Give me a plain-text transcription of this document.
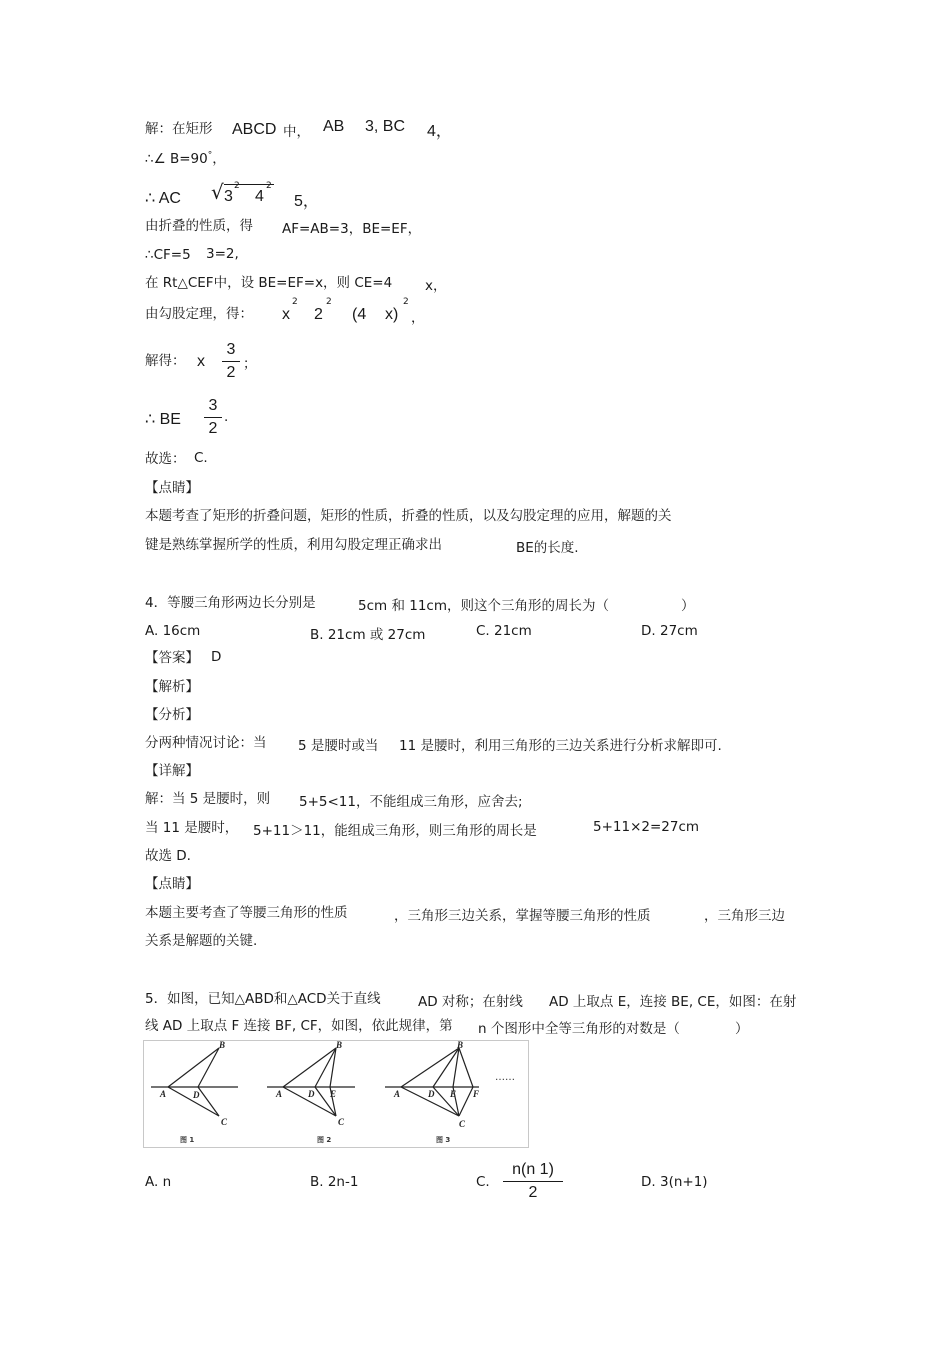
解：在矩形 ABCD 中， AB 3, BC 4，
∴∠ B=90°，
∴ AC √ 3
2
4
2
5，
由折叠的性质，得 AF=AB=3，BE=EF，
∴CF=5 3=2,
在 Rt△CEF中，设 BE=EF=x，则 CE=4 x，
由勾股定理，得： x
2
2
2
(4 x)
2
，
解得： x
3
2 ；
∴ BE
3
2
.
故选： C.
【点睛】
本题考查了矩形的折叠问题，矩形的性质，折叠的性质，以及勾股定理的应用，解题的关
键是熟练掌握所学的性质，利用勾股定理正确求出	BE的长度.
4．等腰三角形两边长分别是	5cm 和 11cm，则这个三角形的周长为（	）
A. 16cm	B. 21cm 或 27cm	C. 21cm	D. 27cm
【答案】 D
【解析】
【分析】
分两种情况讨论：当 5 是腰时或当 11 是腰时，利用三角形的三边关系进行分析求解即可.
【详解】
解：当 5 是腰时，则 5+5<11，不能组成三角形，应舍去;
当 11 是腰时， 5+11＞11，能组成三角形，则三角形的周长是	5+11×2=27cm
故选 D.
【点睛】
本题主要考查了等腰三角形的性质	，三角形三边关系，掌握等腰三角形的性质	，三角形三边
关系是解题的关键.
5．如图，已知△ABD和△ACD关于直线	AD 对称；在射线 AD 上取点 E，连接 BE, CE，如图：在射
线 AD 上取点 F 连接 BF, CF，如图，依此规律，第 n 个图形中全等三角形的对数是（	）
A
B
D
C
A
B
D E
C
A
B
D E F
C
图 1	图 2	图 3
……
A. n	B. 2n-1	C.
n(n 1)
2
D. 3(n+1)
